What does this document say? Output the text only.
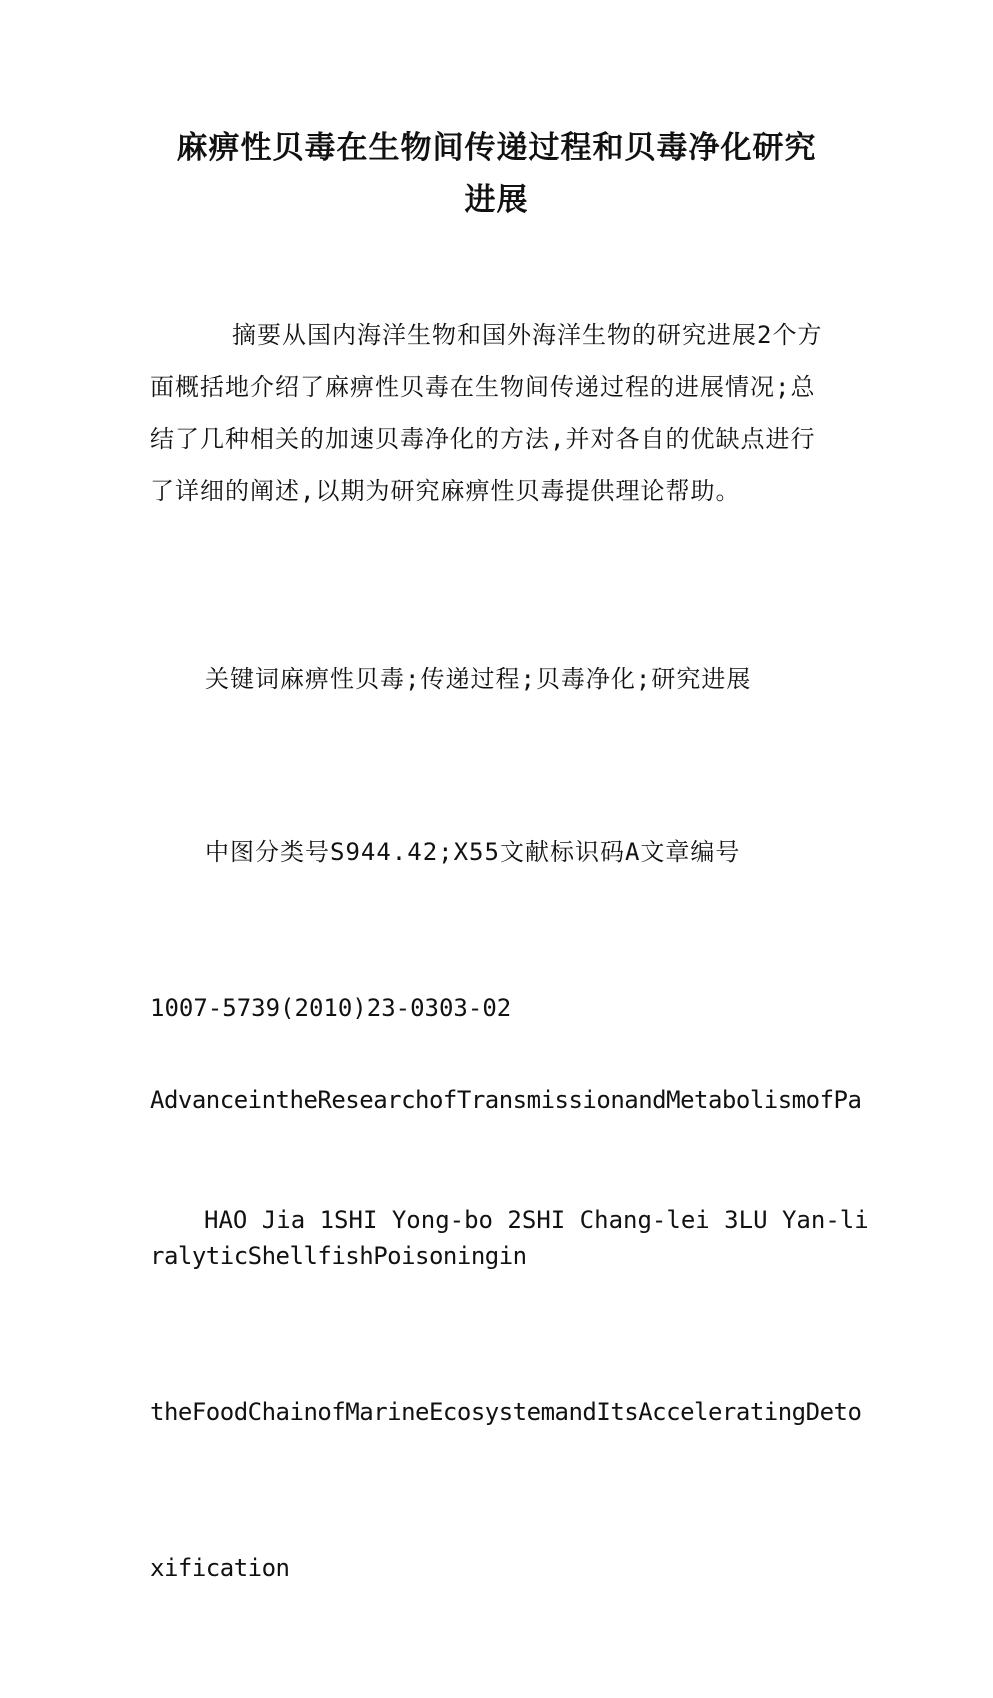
麻痹性贝毒在生物间传递过程和贝毒净化研究
进展
摘要从国内海洋生物和国外海洋生物的研究进展2个方面概括地介绍了麻痹性贝毒在生物间传递过程的进展情况;总结了几种相关的加速贝毒净化的方法,并对各自的优缺点进行了详细的阐述,以期为研究麻痹性贝毒提供理论帮助。
关键词麻痹性贝毒;传递过程;贝毒净化;研究进展

中图分类号S944.42;X55文献标识码A文章编号

1007-5739(2010)23-0303-02

AdvanceintheResearchofTransmissionandMetabolismofPa

ralyticShellfishPoisoningin

theFoodChainofMarineEcosystemandItsAcceleratingDeto

xification

HAO Jia 1SHI Yong-bo 2SHI Chang-lei 3LU Yan-li
